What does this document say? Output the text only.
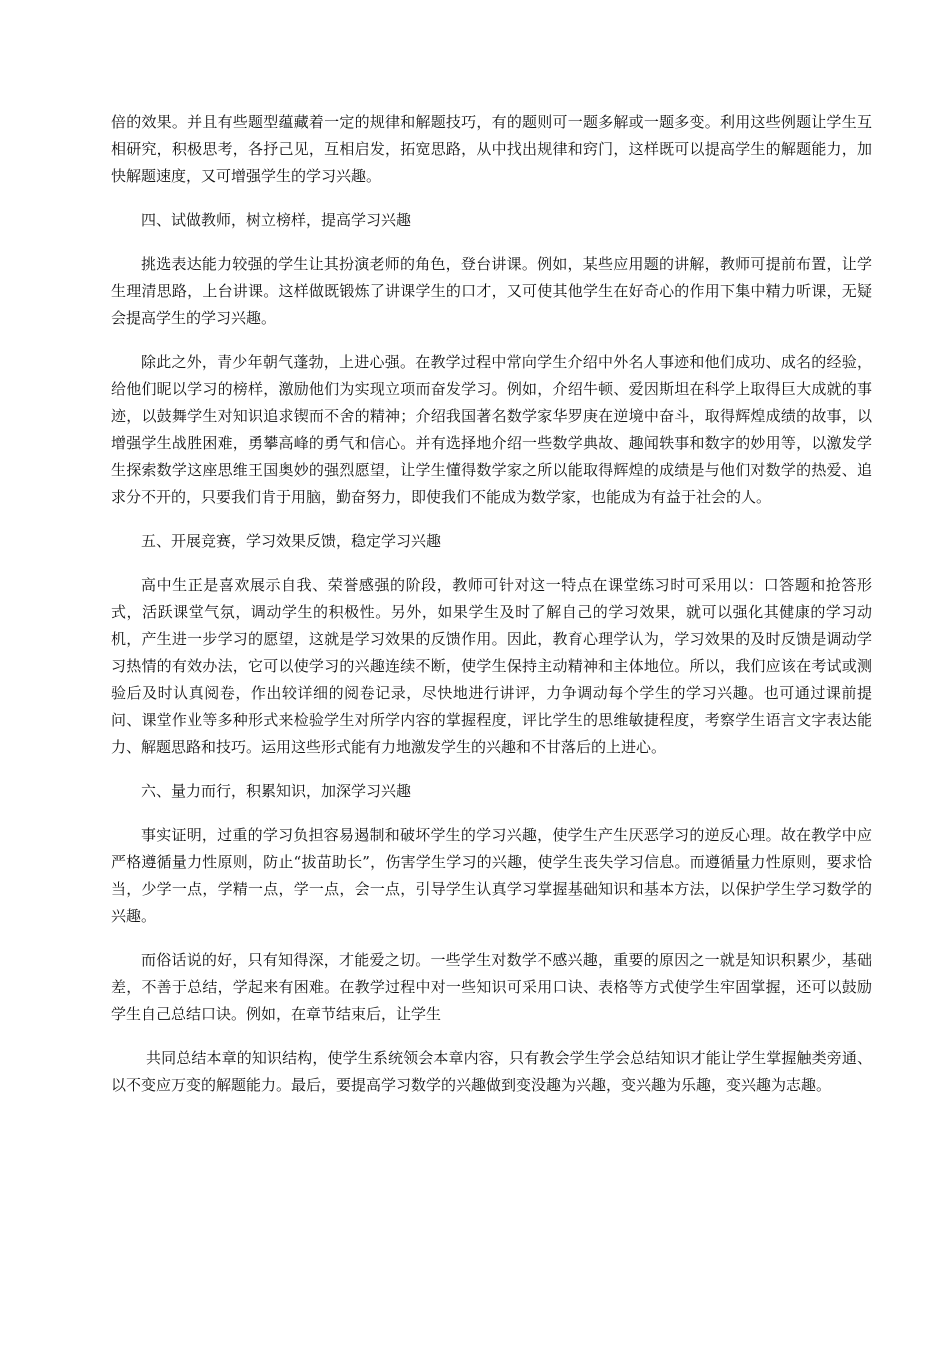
倍的效果。并且有些题型蕴藏着一定的规律和解题技巧，有的题则可一题多解或一题多变。利用这些例题让学生互相研究，积极思考，各抒己见，互相启发，拓宽思路，从中找出规律和窍门，这样既可以提高学生的解题能力，加快解题速度，又可增强学生的学习兴趣。

四、试做教师，树立榜样，提高学习兴趣

挑选表达能力较强的学生让其扮演老师的角色，登台讲课。例如，某些应用题的讲解，教师可提前布置，让学生理清思路，上台讲课。这样做既锻炼了讲课学生的口才，又可使其他学生在好奇心的作用下集中精力听课，无疑会提高学生的学习兴趣。

除此之外，青少年朝气蓬勃，上进心强。在教学过程中常向学生介绍中外名人事迹和他们成功、成名的经验，给他们昵以学习的榜样，激励他们为实现立项而奋发学习。例如，介绍牛顿、爱因斯坦在科学上取得巨大成就的事迹，以鼓舞学生对知识追求锲而不舍的精神；介绍我国著名数学家华罗庚在逆境中奋斗，取得辉煌成绩的故事，以增强学生战胜困难，勇攀高峰的勇气和信心。并有选择地介绍一些数学典故、趣闻轶事和数字的妙用等，以激发学生探索数学这座思维王国奥妙的强烈愿望，让学生懂得数学家之所以能取得辉煌的成绩是与他们对数学的热爱、追求分不开的，只要我们肯于用脑，勤奋努力，即使我们不能成为数学家，也能成为有益于社会的人。

五、开展竞赛，学习效果反馈，稳定学习兴趣

高中生正是喜欢展示自我、荣誉感强的阶段，教师可针对这一特点在课堂练习时可采用以：口答题和抢答形式，活跃课堂气氛，调动学生的积极性。另外，如果学生及时了解自己的学习效果，就可以强化其健康的学习动机，产生进一步学习的愿望，这就是学习效果的反馈作用。因此，教育心理学认为，学习效果的及时反馈是调动学习热情的有效办法，它可以使学习的兴趣连续不断，使学生保持主动精神和主体地位。所以，我们应该在考试或测验后及时认真阅卷，作出较详细的阅卷记录，尽快地进行讲评，力争调动每个学生的学习兴趣。也可通过课前提问、课堂作业等多种形式来检验学生对所学内容的掌握程度，评比学生的思维敏捷程度，考察学生语言文字表达能力、解题思路和技巧。运用这些形式能有力地激发学生的兴趣和不甘落后的上进心。

六、量力而行，积累知识，加深学习兴趣

事实证明，过重的学习负担容易遏制和破坏学生的学习兴趣，使学生产生厌恶学习的逆反心理。故在教学中应严格遵循量力性原则，防止“拔苗助长”，伤害学生学习的兴趣，使学生丧失学习信息。而遵循量力性原则，要求恰当，少学一点，学精一点，学一点，会一点，引导学生认真学习掌握基础知识和基本方法，以保护学生学习数学的兴趣。

而俗话说的好，只有知得深，才能爱之切。一些学生对数学不感兴趣，重要的原因之一就是知识积累少，基础差，不善于总结，学起来有困难。在教学过程中对一些知识可采用口诀、表格等方式使学生牢固掌握，还可以鼓励学生自己总结口诀。例如，在章节结束后，让学生

共同总结本章的知识结构，使学生系统领会本章内容，只有教会学生学会总结知识才能让学生掌握触类旁通、以不变应万变的解题能力。最后，要提高学习数学的兴趣做到变没趣为兴趣，变兴趣为乐趣，变兴趣为志趣。
